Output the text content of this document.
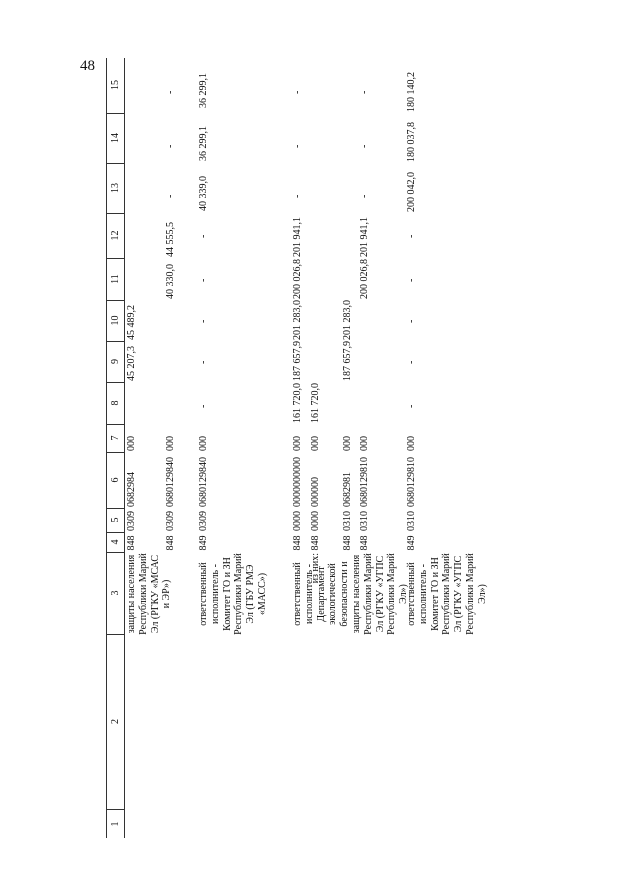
48
1
2
3
4
5
6
7
8
9
10
11
12
13
14
15
защиты населения Республики Марий Эл (РГКУ «МСАС и ЭР»)
848
0309
0682984
000
45 207,3
45 489,2
848
0309
0680129840
000
40 330,0
44 555,5
-
-
-
ответственный исполнитель - Комитет ГО и ЗН Республики Марий Эл (ГБУ РМЭ «МАСС»)
849
0309
0680129840
000
-
-
-
-
-
40 339,0
36 299,1
36 299,1
ответственный исполнитель - Департамент экологической безопасности и защиты населения Республики Марий Эл (РГКУ «УГПС Республики Марий Эл»)
848
0000
0000000000
000
161 720,0
187 657,9
201 283,0
200 026,8
201 941,1
-
-
-
из них:
848
0000
000000
000
161 720,0
848
0310
0682981
000
187 657,9
201 283,0
848
0310
0680129810
000
200 026,8
201 941,1
-
-
-
ответственный исполнитель - Комитет ГО и ЗН Республики Марий Эл (РГКУ «УГПС Республики Марий Эл»)
849
0310
0680129810
000
-
-
-
-
-
200 042,0
180 037,8
180 140,2
